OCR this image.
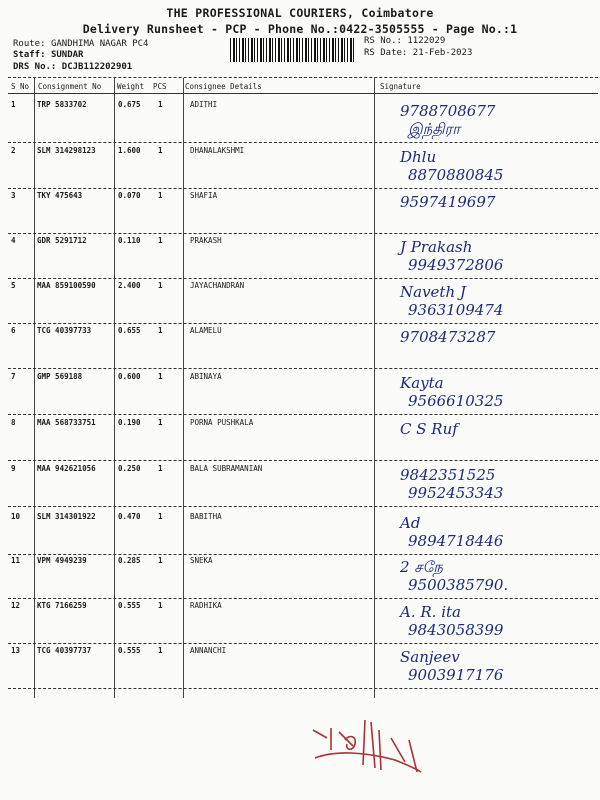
THE PROFESSIONAL COURIERS, Coimbatore
Delivery Runsheet - PCP - Phone No.:0422-3505555 - Page No.:1
Route: GANDHIMA NAGAR PC4
Staff: SUNDAR
DRS No.: DCJB112202901
RS No.: 1122029
RS Date: 21-Feb-2023
S No Consignment No Weight PCS Consignee Details	Signature
1	TRP 5833702	0.675 1	ADITHI	9788708677
இந்திரா
2	SLM 314298123	1.600 1	DHANALAKSHMI	Dhlu
8870880845
3	TKY 475643	0.070 1	SHAFIA	9597419697
4	GDR 5291712	0.110 1	PRAKASH	J Prakash
9949372806
5	MAA 859100590	2.400 1	JAYACHANDRAN	Naveth J
9363109474
6	TCG 40397733	0.655 1	ALAMELU	9708473287
7	GMP 569188	0.600 1	ABINAYA	Kayta
9566610325
8	MAA 568733751	0.190 1	PORNA PUSHKALA	C S Ruf
9	MAA 942621056	0.250 1	BALA SUBRAMANIAN	9842351525
9952453343
10 SLM 314301922	0.470 1	BABITHA	Ad
9894718446
11 VPM 4949239	0.285 1	SNEKA	2 சநே
9500385790.
12 KTG 7166259	0.555 1	RADHIKA	A. R. ita
9843058399
13 TCG 40397737	0.555 1	ANNANCHI	Sanjeev
9003917176
